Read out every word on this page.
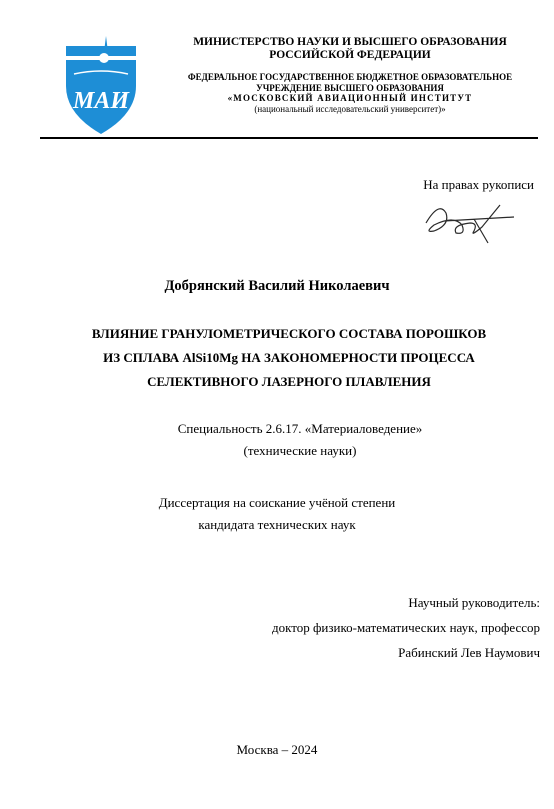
МАИ
МИНИСТЕРСТВО НАУКИ И ВЫСШЕГО ОБРАЗОВАНИЯ
РОССИЙСКОЙ ФЕДЕРАЦИИ
ФЕДЕРАЛЬНОЕ ГОСУДАРСТВЕННОЕ БЮДЖЕТНОЕ ОБРАЗОВАТЕЛЬНОЕ
УЧРЕЖДЕНИЕ ВЫСШЕГО ОБРАЗОВАНИЯ
«МОСКОВСКИЙ АВИАЦИОННЫЙ ИНСТИТУТ
(национальный исследовательский университет)»
На правах рукописи
Добрянский Василий Николаевич
ВЛИЯНИЕ ГРАНУЛОМЕТРИЧЕСКОГО СОСТАВА ПОРОШКОВ
ИЗ СПЛАВА AlSi10Mg НА ЗАКОНОМЕРНОСТИ ПРОЦЕССА
СЕЛЕКТИВНОГО ЛАЗЕРНОГО ПЛАВЛЕНИЯ
Специальность 2.6.17. «Материаловедение»
(технические науки)
Диссертация на соискание учёной степени
кандидата технических наук
Научный руководитель:
доктор физико-математических наук, профессор
Рабинский Лев Наумович
Москва – 2024
